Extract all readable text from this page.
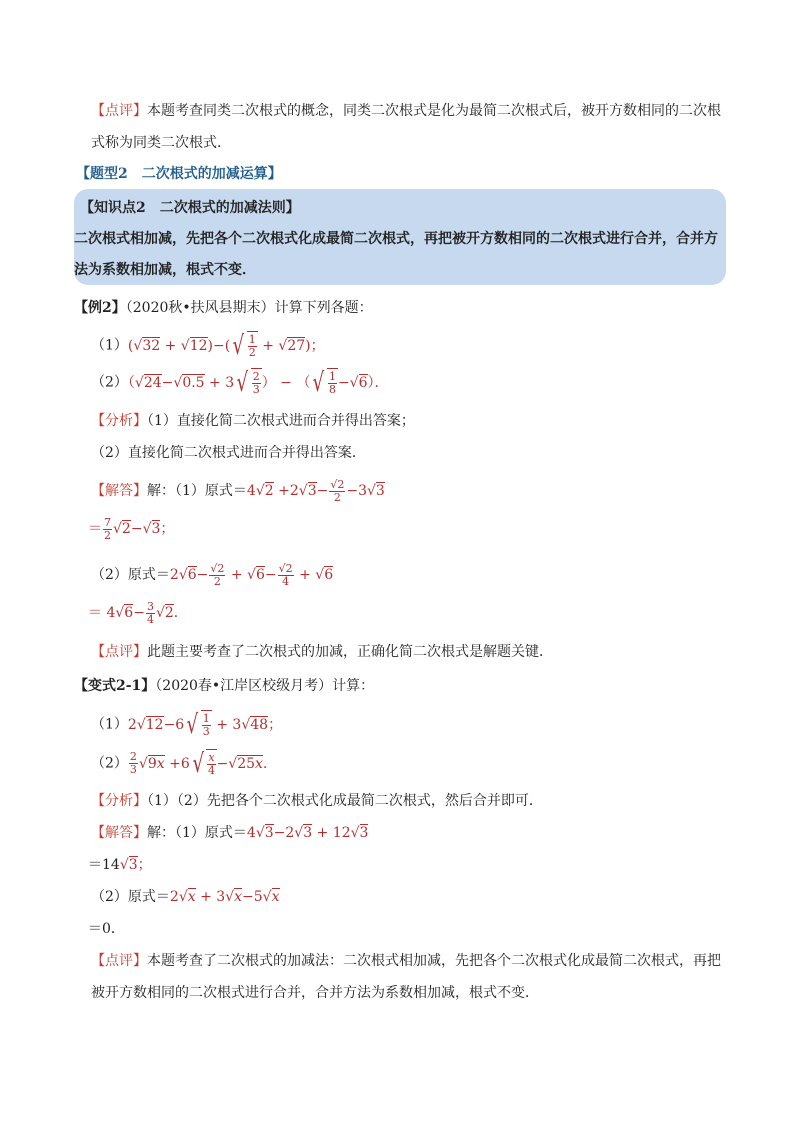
【点评】本题考查同类二次根式的概念，同类二次根式是化为最简二次根式后，被开方数相同的二次根
式称为同类二次根式．
【题型2　二次根式的加减运算】
【知识点2　二次根式的加减法则】
二次根式相加减，先把各个二次根式化成最简二次根式，再把被开方数相同的二次根式进行合并，合并方
法为系数相加减，根式不变．
【例2】（2020秋•扶风县期末）计算下列各题：
（1）(√32 + √12)−( √ $\frac{1}{2} + √27$)；
（2）（√24−√0.5 + 3 √ $\frac{2}{3}$ ） − （ √ $\frac{1}{8} -√6$）．
【分析】（1）直接化简二次根式进而合并得出答案；
（2）直接化简二次根式进而合并得出答案．
【解答】解：（1）原式$=4√2 +2√3- \frac{√2}{2} -3√3$
＝ $\frac{7}{2} √2-√3$；
（2）原式$=2√6- \frac{√2}{2} + √6- \frac{√2}{4} + √6$
＝ $4√6- \frac{3}{4} √2$．
【点评】此题主要考查了二次根式的加减，正确化简二次根式是解题关键．
【变式2-1】（2020春•江岸区校级月考）计算：
（1）2√12−6 √ $\frac{1}{3} + 3√48$；
$(2) \frac{2}{3} √9x +6$ √ $\frac{x}{4} -√25x$．
【分析】（1）（2）先把各个二次根式化成最简二次根式，然后合并即可．
【解答】解：（1）原式＝4√3−2√3 + 12√3
＝14√3；
（2）原式＝2√x + 3√x−5√x
＝0．
【点评】本题考查了二次根式的加减法：二次根式相加减，先把各个二次根式化成最简二次根式，再把
被开方数相同的二次根式进行合并，合并方法为系数相加减，根式不变．
